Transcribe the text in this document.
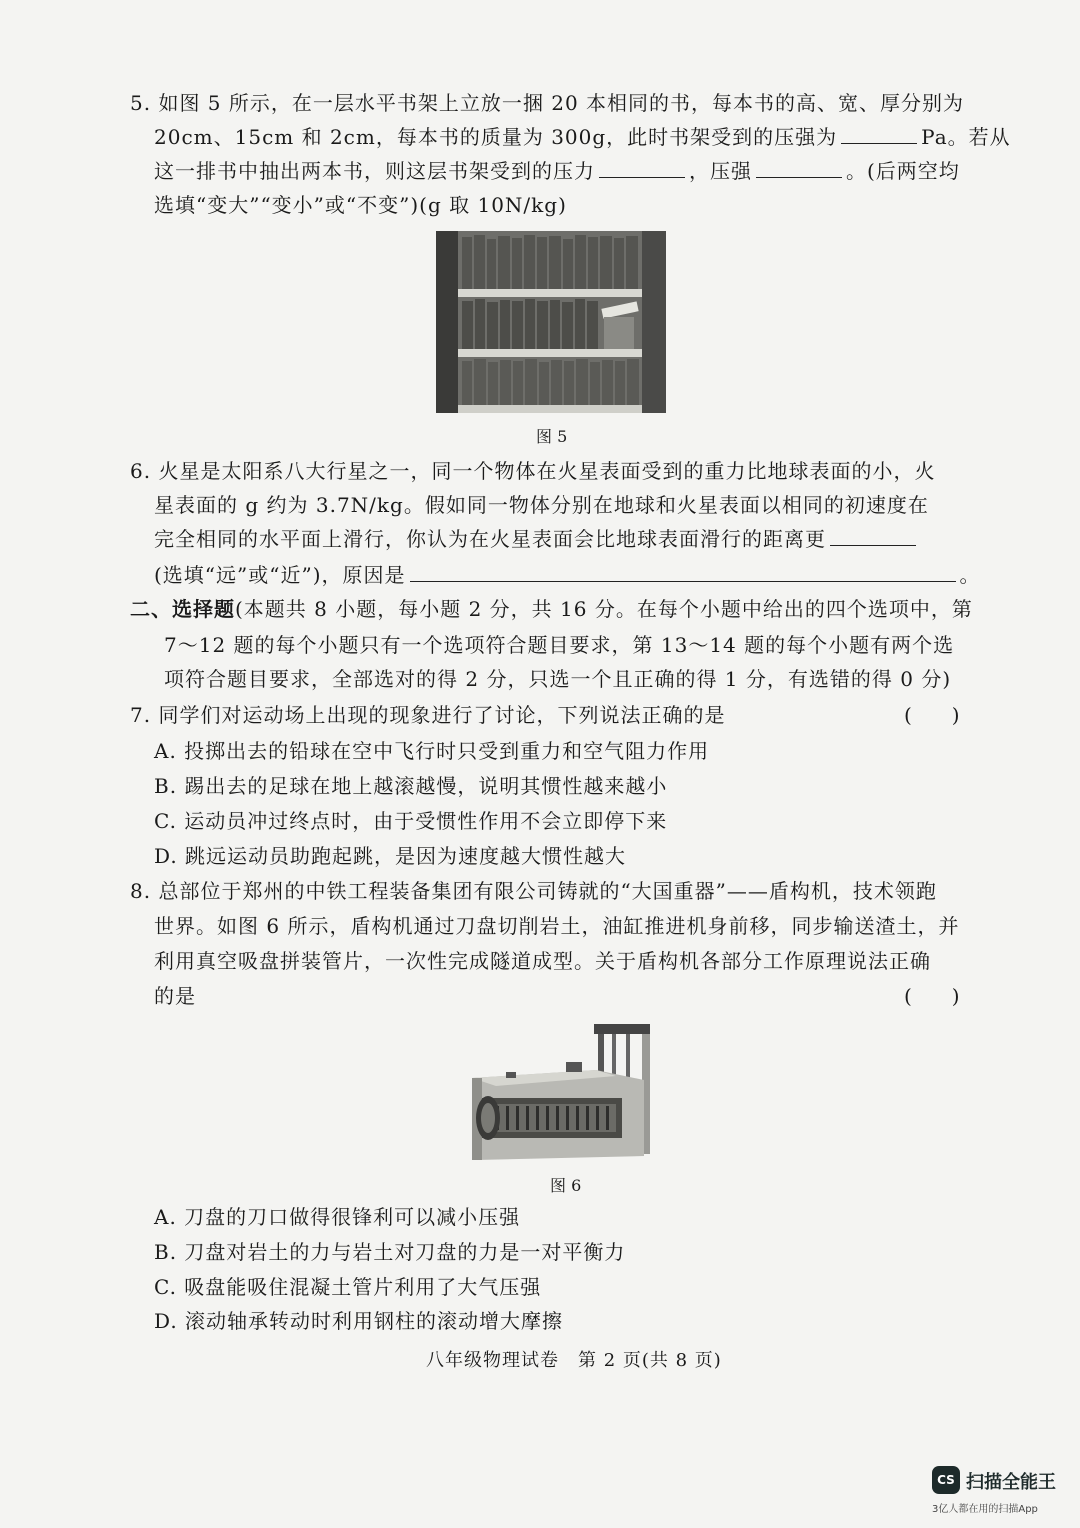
5. 如图 5 所示，在一层水平书架上立放一捆 20 本相同的书，每本书的高、宽、厚分别为
20cm、15cm 和 2cm，每本书的质量为 300g，此时书架受到的压强为	Pa。若从
这一排书中抽出两本书，则这层书架受到的压力	，压强	。(后两空均
选填“变大”“变小”或“不变”)(g 取 10N/kg)
图 5
6. 火星是太阳系八大行星之一，同一个物体在火星表面受到的重力比地球表面的小，火
星表面的 g 约为 3.7N/kg。假如同一物体分别在地球和火星表面以相同的初速度在
完全相同的水平面上滑行，你认为在火星表面会比地球表面滑行的距离更
(选填“远”或“近”)，原因是	。
二、选择题(本题共 8 小题，每小题 2 分，共 16 分。在每个小题中给出的四个选项中，第
7～12 题的每个小题只有一个选项符合题目要求，第 13～14 题的每个小题有两个选
项符合题目要求，全部选对的得 2 分，只选一个且正确的得 1 分，有选错的得 0 分)
7. 同学们对运动场上出现的现象进行了讨论，下列说法正确的是	(　　)
A. 投掷出去的铅球在空中飞行时只受到重力和空气阻力作用
B. 踢出去的足球在地上越滚越慢，说明其惯性越来越小
C. 运动员冲过终点时，由于受惯性作用不会立即停下来
D. 跳远运动员助跑起跳，是因为速度越大惯性越大
8. 总部位于郑州的中铁工程装备集团有限公司铸就的“大国重器”——盾构机，技术领跑
世界。如图 6 所示，盾构机通过刀盘切削岩土，油缸推进机身前移，同步输送渣土，并
利用真空吸盘拼装管片，一次性完成隧道成型。关于盾构机各部分工作原理说法正确
的是	(　　)
图 6
A. 刀盘的刀口做得很锋利可以减小压强
B. 刀盘对岩土的力与岩土对刀盘的力是一对平衡力
C. 吸盘能吸住混凝土管片利用了大气压强
D. 滚动轴承转动时利用钢柱的滚动增大摩擦
八年级物理试卷　第 2 页(共 8 页)
CS 扫描全能王
3亿人都在用的扫描App
